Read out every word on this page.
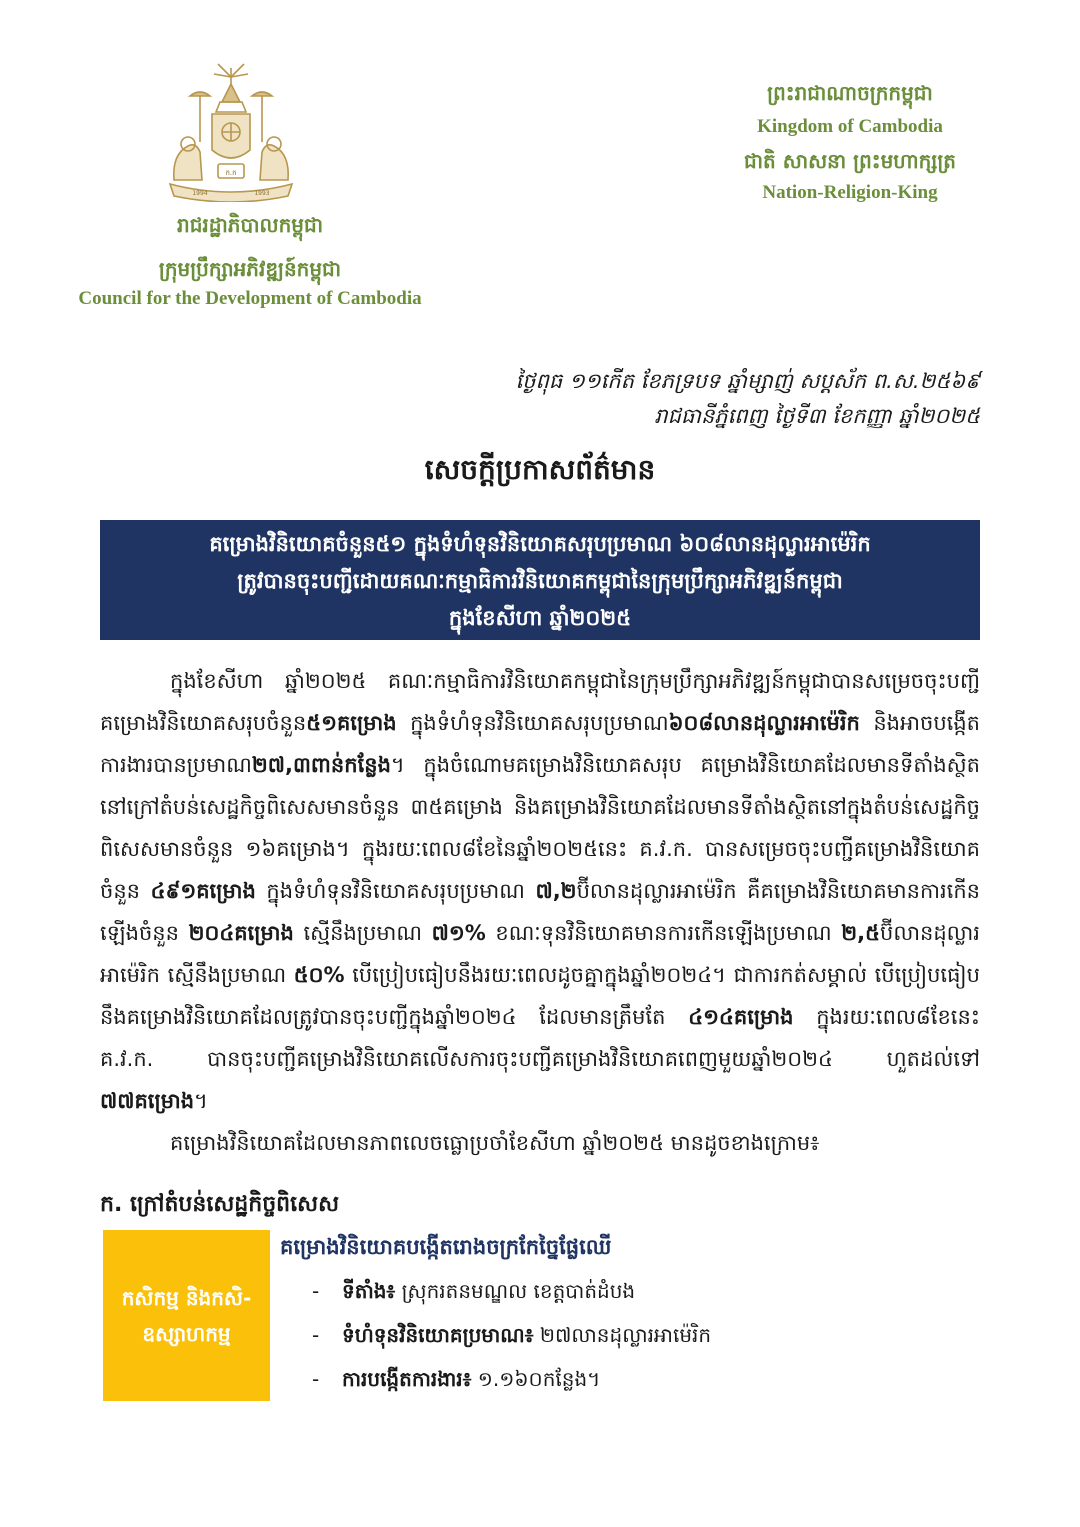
ក.ក
1994	1993
រាជរដ្ឋាភិបាលកម្ពុជា
ក្រុមប្រឹក្សាអភិវឌ្ឍន៍កម្ពុជា
Council for the Development of Cambodia
ព្រះរាជាណាចក្រកម្ពុជា
Kingdom of Cambodia
ជាតិ សាសនា ព្រះមហាក្សត្រ
Nation-Religion-King
ថ្ងៃពុធ ១១កើត ខែភទ្របទ ឆ្នាំម្សាញ់ សប្តស័ក ព.ស.២៥៦៩
រាជធានីភ្នំពេញ ថ្ងៃទី៣ ខែកញ្ញា ឆ្នាំ២០២៥
សេចក្តីប្រកាសព័ត៌មាន
គម្រោងវិនិយោគចំនួន៥១ ក្នុងទំហំទុនវិនិយោគសរុបប្រមាណ ៦០៨លានដុល្លារអាម៉េរិក
ត្រូវបានចុះបញ្ជីដោយគណៈកម្មាធិការវិនិយោគកម្ពុជានៃក្រុមប្រឹក្សាអភិវឌ្ឍន៍កម្ពុជា
ក្នុងខែសីហា ឆ្នាំ២០២៥

ក្នុងខែសីហា ឆ្នាំ២០២៥ គណៈកម្មាធិការវិនិយោគកម្ពុជានៃក្រុមប្រឹក្សាអភិវឌ្ឍន៍កម្ពុជាបានសម្រេចចុះបញ្ជីគម្រោងវិនិយោគសរុបចំនួន៥១គម្រោង ក្នុងទំហំទុនវិនិយោគសរុបប្រមាណ៦០៨លានដុល្លារអាម៉េរិក និងអាចបង្កើតការងារបានប្រមាណ២៧,៣ពាន់កន្លែង។ ក្នុងចំណោមគម្រោងវិនិយោគសរុប គម្រោងវិនិយោគដែលមានទីតាំងស្ថិតនៅក្រៅតំបន់សេដ្ឋកិច្ចពិសេសមានចំនួន ៣៥គម្រោង និងគម្រោងវិនិយោគដែលមានទីតាំងស្ថិតនៅក្នុងតំបន់សេដ្ឋកិច្ចពិសេសមានចំនួន ១៦គម្រោង។ ក្នុងរយៈពេល៨ខែនៃឆ្នាំ២០២៥នេះ គ.វ.ក. បានសម្រេចចុះបញ្ជីគម្រោងវិនិយោគចំនួន ៤៩១គម្រោង ក្នុងទំហំទុនវិនិយោគសរុបប្រមាណ ៧,២ប៊ីលានដុល្លារអាម៉េរិក គឺគម្រោងវិនិយោគមានការកើនឡើងចំនួន ២០៤គម្រោង ស្មើនឹងប្រមាណ ៧១% ខណៈទុនវិនិយោគមានការកើនឡើងប្រមាណ ២,៥ប៊ីលានដុល្លារអាម៉េរិក ស្មើនឹងប្រមាណ ៥០% បើប្រៀបធៀបនឹងរយៈពេលដូចគ្នាក្នុងឆ្នាំ២០២៤។ ជាការកត់សម្គាល់ បើប្រៀបធៀបនឹងគម្រោងវិនិយោគដែលត្រូវបានចុះបញ្ជីក្នុងឆ្នាំ២០២៤ ដែលមានត្រឹមតែ ៤១៤គម្រោង ក្នុងរយៈពេល៨ខែនេះ គ.វ.ក. បានចុះបញ្ជីគម្រោងវិនិយោគលើសការចុះបញ្ជីគម្រោងវិនិយោគពេញមួយឆ្នាំ២០២៤ ហួតដល់ទៅ ៧៧គម្រោង។

គម្រោងវិនិយោគដែលមានភាពលេចធ្លោប្រចាំខែសីហា ឆ្នាំ២០២៥ មានដូចខាងក្រោម៖

ក. ក្រៅតំបន់សេដ្ឋកិច្ចពិសេស
កសិកម្ម និងកសិ-
ឧស្សាហកម្ម
គម្រោងវិនិយោគបង្កើតរោងចក្រកែច្នៃផ្លែឈើ
- ទីតាំង៖ ស្រុករតនមណ្ឌល ខេត្តបាត់ដំបង
- ទំហំទុនវិនិយោគប្រមាណ៖ ២៧លានដុល្លារអាម៉េរិក
- ការបង្កើតការងារ៖ ១.១៦០កន្លែង។
